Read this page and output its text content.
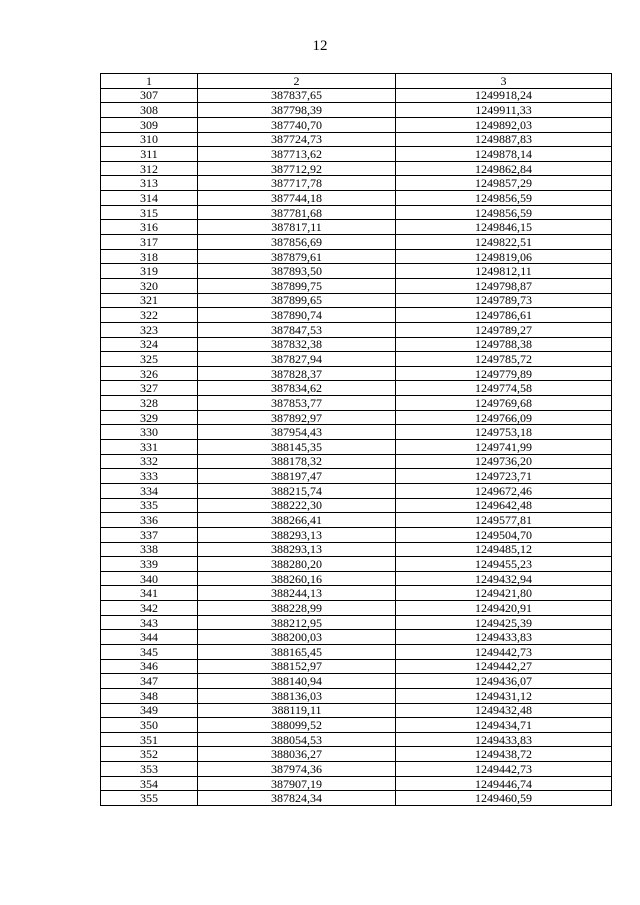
12
1	2	3
307	387837,65	1249918,24
308	387798,39	1249911,33
309	387740,70	1249892,03
310	387724,73	1249887,83
311	387713,62	1249878,14
312	387712,92	1249862,84
313	387717,78	1249857,29
314	387744,18	1249856,59
315	387781,68	1249856,59
316	387817,11	1249846,15
317	387856,69	1249822,51
318	387879,61	1249819,06
319	387893,50	1249812,11
320	387899,75	1249798,87
321	387899,65	1249789,73
322	387890,74	1249786,61
323	387847,53	1249789,27
324	387832,38	1249788,38
325	387827,94	1249785,72
326	387828,37	1249779,89
327	387834,62	1249774,58
328	387853,77	1249769,68
329	387892,97	1249766,09
330	387954,43	1249753,18
331	388145,35	1249741,99
332	388178,32	1249736,20
333	388197,47	1249723,71
334	388215,74	1249672,46
335	388222,30	1249642,48
336	388266,41	1249577,81
337	388293,13	1249504,70
338	388293,13	1249485,12
339	388280,20	1249455,23
340	388260,16	1249432,94
341	388244,13	1249421,80
342	388228,99	1249420,91
343	388212,95	1249425,39
344	388200,03	1249433,83
345	388165,45	1249442,73
346	388152,97	1249442,27
347	388140,94	1249436,07
348	388136,03	1249431,12
349	388119,11	1249432,48
350	388099,52	1249434,71
351	388054,53	1249433,83
352	388036,27	1249438,72
353	387974,36	1249442,73
354	387907,19	1249446,74
355	387824,34	1249460,59
